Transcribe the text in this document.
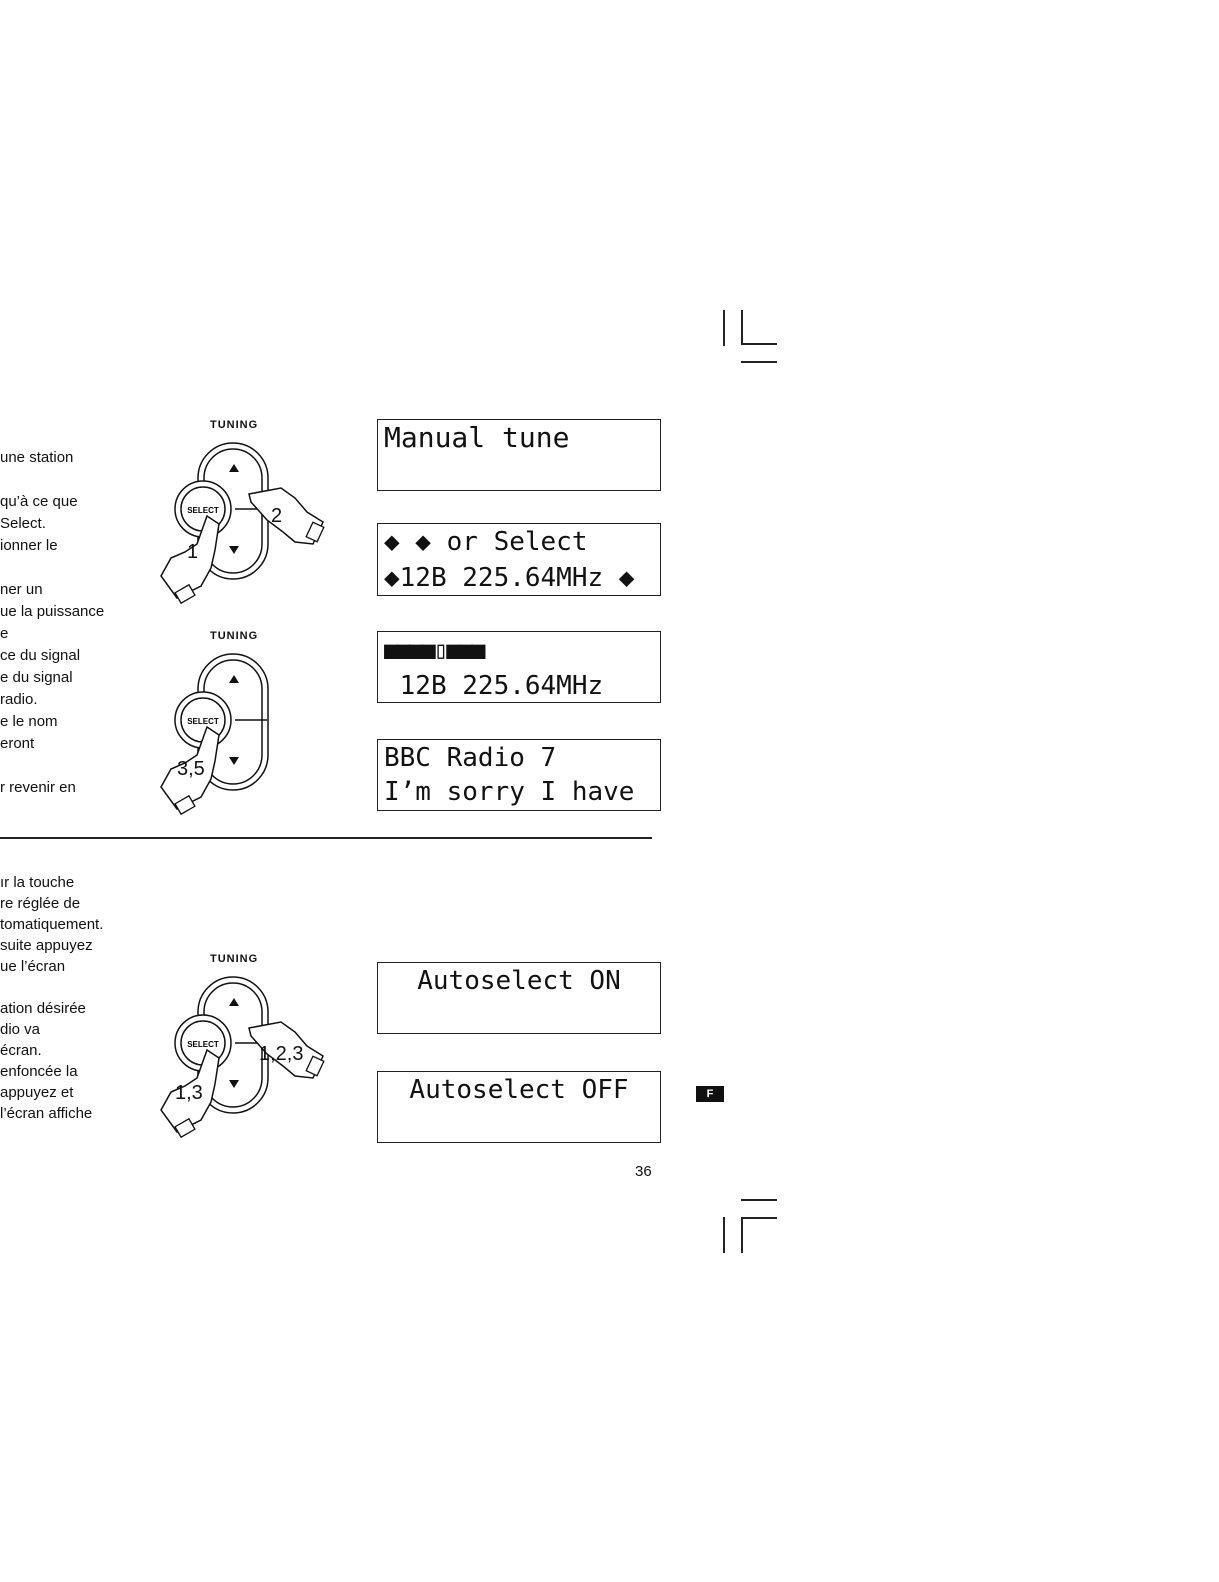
une station
qu’à ce que
Select.
ionner le
ner un
ue la puissance
e
ce du signal
e du signal
radio.
e le nom
eront
r revenir en
ır la touche
re réglée de
tomatiquement.
suite appuyez
ue l’écran
ation désirée
dio va
écran.
enfoncée la
appuyez et
l’écran affiche
TUNING
SELECT
1
2
TUNING
SELECT
3,5
TUNING
SELECT
1,3
1,2,3
Manual tune
◆ ◆ or Select
◆12B 225.64MHz ◆
■■■■▯■■■
12B 225.64MHz
BBC Radio 7
I’m sorry I have
Autoselect ON
Autoselect OFF	F
36
